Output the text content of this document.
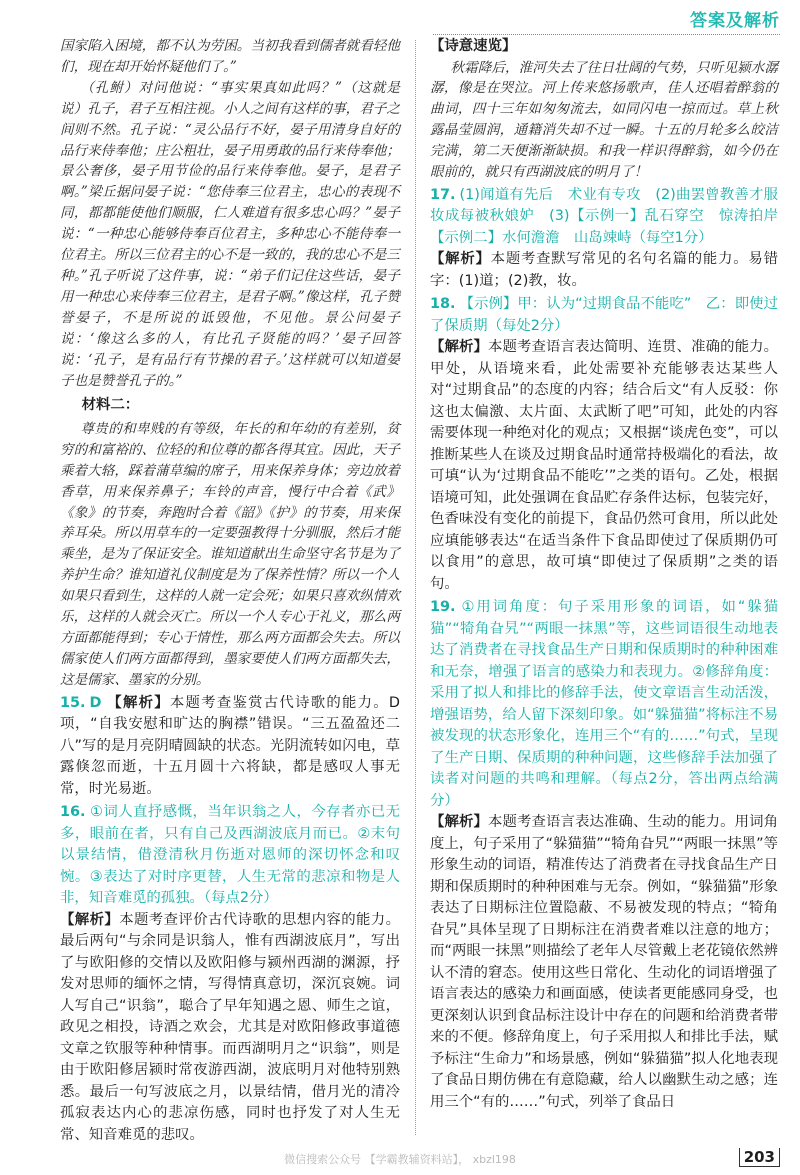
答案及解析

国家陷入困境，都不认为劳困。当初我看到儒者就看轻他们，现在却开始怀疑他们了。”

（孔鲋）对问他说：“事实果真如此吗？”（这就是说）孔子，君子互相注视。小人之间有这样的事，君子之间则不然。孔子说：“灵公品行不好，晏子用清身自好的品行来侍奉他；庄公粗壮，晏子用勇敢的品行来侍奉他；景公奢侈，晏子用节俭的品行来侍奉他。晏子，是君子啊。”梁丘据问晏子说：“您侍奉三位君主，忠心的表现不同，都都能使他们顺服，仁人难道有很多忠心吗？”晏子说：“一种忠心能够侍奉百位君主，多种忠心不能侍奉一位君主。所以三位君主的心不是一致的，我的忠心不是三种。”孔子听说了这件事，说：“弟子们记住这些话，晏子用一种忠心来侍奉三位君主，是君子啊。”像这样，孔子赞誉晏子，不是所说的诋毁他，不见他。景公问晏子说：‘像这么多的人，有比孔子贤能的吗？’晏子回答说：‘孔子，是有品行有节操的君子。’这样就可以知道晏子也是赞誉孔子的。”

材料二：

尊贵的和卑贱的有等级，年长的和年幼的有差别，贫穷的和富裕的、位轻的和位尊的都各得其宜。因此，天子乘着大辂，踩着蒲草编的席子，用来保养身体；旁边放着香草，用来保养鼻子；车铃的声音，慢行中合着《武》《象》的节奏，奔跑时合着《韶》《护》的节奏，用来保养耳朵。所以用草车的一定要强教得十分驯服，然后才能乘坐，是为了保证安全。谁知道献出生命坚守名节是为了养护生命？谁知道礼仪制度是为了保养性情？所以一个人如果只看到生，这样的人就一定会死；如果只喜欢纵情欢乐，这样的人就会灭亡。所以一个人专心于礼义，那么两方面都能得到；专心于情性，那么两方面都会失去。所以儒家使人们两方面都得到，墨家要使人们两方面都失去，这是儒家、墨家的分别。

15. D 【解析】本题考查鉴赏古代诗歌的能力。D项，“自我安慰和旷达的胸襟”错误。“三五盈盈还二八”写的是月亮阴晴圆缺的状态。光阴流转如闪电，草露倏忽而逝，十五月圆十六将缺，都是感叹人事无常，时光易逝。

16. ①词人直抒感慨，当年识翁之人，今存者亦已无多，眼前在者，只有自己及西湖波底月而已。②末句以景结情，借澄清秋月伤逝对恩师的深切怀念和叹惋。③表达了对时序更替，人生无常的悲凉和物是人非，知音难觅的孤独。（每点2分）

【解析】本题考查评价古代诗歌的思想内容的能力。最后两句“与余同是识翁人，惟有西湖波底月”，写出了与欧阳修的交情以及欧阳修与颍州西湖的渊源，抒发对思师的缅怀之情，写得情真意切，深沉哀婉。词人写自己“识翁”，聪合了早年知遇之恩、师生之谊，政见之相投，诗酒之欢会，尤其是对欧阳修政事道德文章之钦服等种种情事。而西湖明月之“识翁”，则是由于欧阳修居颍时常夜游西湖，波底明月对他特别熟悉。最后一句写波底之月，以景结情，借月光的清冷孤寂表达内心的悲凉伤感，同时也抒发了对人生无常、知音难觅的悲叹。

【诗意速览】

秋霜降后，淮河失去了往日壮阔的气势，只听见颍水潺潺，像是在哭泣。河上传来悠扬歌声，佳人还唱着醉翁的曲词，四十三年如匆匆流去，如同闪电一掠而过。草上秋露晶莹圆润，通籍消失却不过一瞬。十五的月轮多么皎洁完满，第二天便渐渐缺损。和我一样识得醉翁，如今仍在眼前的，就只有西湖波底的明月了！

17. (1)闻道有先后　术业有专攻　(2)曲罢曾教善才服　妆成每被秋娘妒　(3)【示例一】乱石穿空　惊涛拍岸　【示例二】水何澹澹　山岛竦峙（每空1分）

【解析】本题考查默写常见的名句名篇的能力。易错字：(1)道；(2)教，妆。

18. 【示例】甲：认为“过期食品不能吃”　乙：即使过了保质期（每处2分）

【解析】本题考查语言表达简明、连贯、准确的能力。甲处，从语境来看，此处需要补充能够表达某些人对“过期食品”的态度的内容；结合后文“有人反驳：你这也太偏激、太片面、太武断了吧”可知，此处的内容需要体现一种绝对化的观点；又根据“谈虎色变”，可以推断某些人在谈及过期食品时通常持极端化的看法，故可填“认为‘过期食品不能吃’”之类的语句。乙处，根据语境可知，此处强调在食品贮存条件达标，包装完好，色香味没有变化的前提下，食品仍然可食用，所以此处应填能够表达“在适当条件下食品即使过了保质期仍可以食用”的意思，故可填“即使过了保质期”之类的语句。

19. ①用词角度：句子采用形象的词语，如“躲猫猫”“犄角旮旯”“两眼一抹黑”等，这些词语很生动地表达了消费者在寻找食品生产日期和保质期时的种种困难和无奈，增强了语言的感染力和表现力。②修辞角度：采用了拟人和排比的修辞手法，使文章语言生动活泼，增强语势，给人留下深刻印象。如“躲猫猫”将标注不易被发现的状态形象化，连用三个“有的……”句式，呈现了生产日期、保质期的种种问题，这些修辞手法加强了读者对问题的共鸣和理解。（每点2分，答出两点给满分）

【解析】本题考查语言表达准确、生动的能力。用词角度上，句子采用了“躲猫猫”“犄角旮旯”“两眼一抹黑”等形象生动的词语，精准传达了消费者在寻找食品生产日期和保质期时的种种困难与无奈。例如，“躲猫猫”形象表达了日期标注位置隐蔽、不易被发现的特点；“犄角旮旯”具体呈现了日期标注在消费者难以注意的地方；而“两眼一抹黑”则描绘了老年人尽管戴上老花镜依然辨认不清的窘态。使用这些日常化、生动化的词语增强了语言表达的感染力和画面感，使读者更能感同身受，也更深刻认识到食品标注设计中存在的问题和给消费者带来的不便。修辞角度上，句子采用拟人和排比手法，赋予标注“生命力”和场景感，例如“躲猫猫”拟人化地表现了食品日期仿佛在有意隐藏，给人以幽默生动之感；连用三个“有的……”句式，列举了食品日

微信搜索公众号 【学霸教辅资料站】， xbzl198	203
